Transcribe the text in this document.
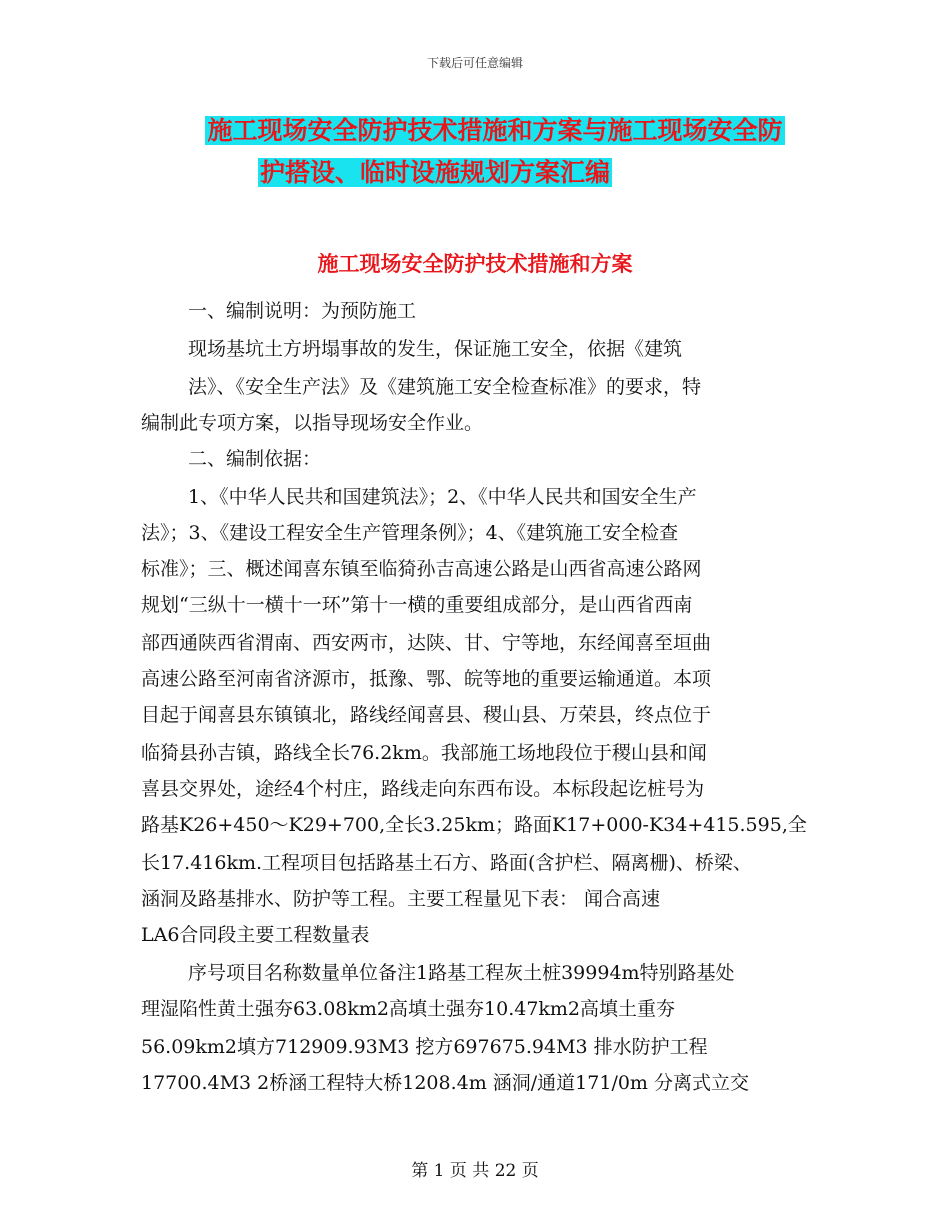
下载后可任意编辑
施工现场安全防护技术措施和方案与施工现场安全防
护搭设、临时设施规划方案汇编
施工现场安全防护技术措施和方案
一、编制说明：为预防施工
现场基坑土方坍塌事故的发生，保证施工安全，依据《建筑
法》、《安全生产法》及《建筑施工安全检查标准》的要求，特
编制此专项方案，以指导现场安全作业。
二、编制依据：
1、《中华人民共和国建筑法》；2、《中华人民共和国安全生产
法》；3、《建设工程安全生产管理条例》；4、《建筑施工安全检查
标准》；三、概述闻喜东镇至临猗孙吉高速公路是山西省高速公路网
规划“三纵十一横十一环”第十一横的重要组成部分，是山西省西南
部西通陕西省渭南、西安两市，达陕、甘、宁等地，东经闻喜至垣曲
高速公路至河南省济源市，抵豫、鄂、皖等地的重要运输通道。本项
目起于闻喜县东镇镇北，路线经闻喜县、稷山县、万荣县，终点位于
临猗县孙吉镇，路线全长76.2km。我部施工场地段位于稷山县和闻
喜县交界处，途经4个村庄，路线走向东西布设。本标段起讫桩号为
路基K26+450～K29+700,全长3.25km；路面K17+000-K34+415.595,全
长17.416km.工程项目包括路基土石方、路面(含护栏、隔离栅)、桥梁、
涵洞及路基排水、防护等工程。主要工程量见下表： 闻合高速
LA6合同段主要工程数量表
序号项目名称数量单位备注1路基工程灰土桩39994m特别路基处
理湿陷性黄土强夯63.08km2高填土强夯10.47km2高填土重夯
56.09km2填方712909.93M3 挖方697675.94M3 排水防护工程
17700.4M3 2桥涵工程特大桥1208.4m 涵洞/通道171/0m 分离式立交
第 1 页 共 22 页
